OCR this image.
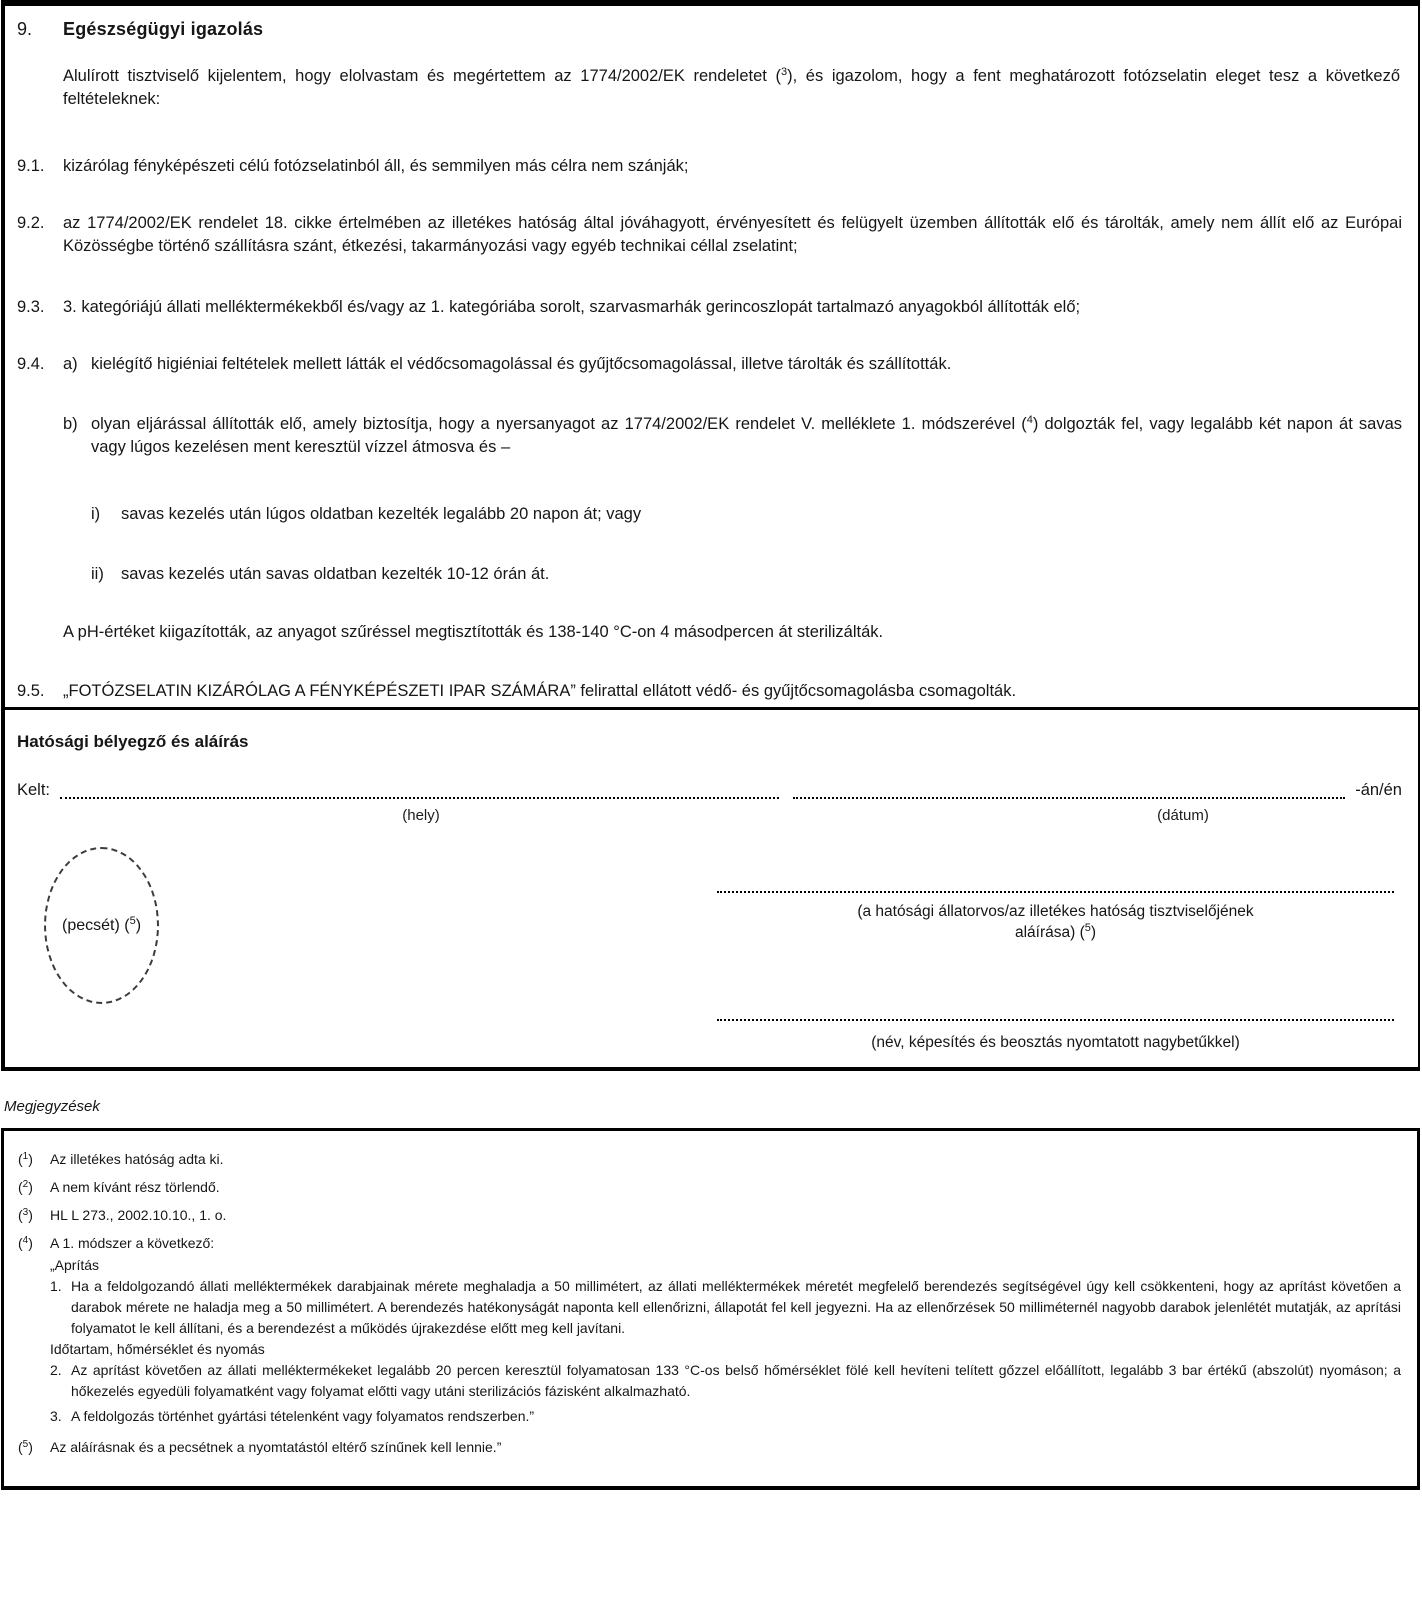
9.	Egészségügyi igazolás

Alulírott tisztviselő kijelentem, hogy elolvastam és megértettem az 1774/2002/EK rendeletet ($^3$), és igazolom, hogy a fent meghatározott fotózselatin eleget tesz a következő feltételeknek:

9.1.	kizárólag fényképészeti célú fotózselatinból áll, és semmilyen más célra nem szánják;
9.2.	az 1774/2002/EK rendelet 18. cikke értelmében az illetékes hatóság által jóváhagyott, érvényesített és felügyelt üzemben állították elő és tárolták, amely nem állít elő az Európai Közösségbe történő szállításra szánt, étkezési, takarmányozási vagy egyéb technikai céllal zselatint;
9.3.	3. kategóriájú állati melléktermékekből és/vagy az 1. kategóriába sorolt, szarvasmarhák gerincoszlopát tartalmazó anyagokból állították elő;
9.4.	a) kielégítő higiéniai feltételek mellett látták el védőcsomagolással és gyűjtőcsomagolással, illetve tárolták és szállították.
b) olyan eljárással állították elő, amely biztosítja, hogy a nyersanyagot az 1774/2002/EK rendelet V. melléklete 1. módszerével ($^4$) dolgozták fel, vagy legalább két napon át savas vagy lúgos kezelésen ment keresztül vízzel átmosva és –
i)	savas kezelés után lúgos oldatban kezelték legalább 20 napon át; vagy
ii)	savas kezelés után savas oldatban kezelték 10-12 órán át.

A pH-értéket kiigazították, az anyagot szűréssel megtisztították és 138-140 °C-on 4 másodpercen át sterilizálták.

9.5.	„FOTÓZSELATIN KIZÁRÓLAG A FÉNYKÉPÉSZETI IPAR SZÁMÁRA” felirattal ellátott védő- és gyűjtőcsomagolásba csomagolták.
Hatósági bélyegző és aláírás
Kelt:	-án/én
(hely)	(dátum)
(pecsét) ($^5$)
(a hatósági állatorvos/az illetékes hatóság tisztviselőjének aláírása) ($^5$)
(név, képesítés és beosztás nyomtatott nagybetűkkel)
Megjegyzések
($^1$)	Az illetékes hatóság adta ki.
($^2$)	A nem kívánt rész törlendő.
($^3$)	HL L 273., 2002.10.10., 1. o.
($^4$)	A 1. módszer a következő:
„Aprítás
1. Ha a feldolgozandó állati melléktermékek darabjainak mérete meghaladja a 50 millimétert, az állati melléktermékek méretét megfelelő berendezés segítségével úgy kell csökkenteni, hogy az aprítást követően a darabok mérete ne haladja meg a 50 millimétert. A berendezés hatékonyságát naponta kell ellenőrizni, állapotát fel kell jegyezni. Ha az ellenőrzések 50 milliméternél nagyobb darabok jelenlétét mutatják, az aprítási folyamatot le kell állítani, és a berendezést a működés újrakezdése előtt meg kell javítani.
Időtartam, hőmérséklet és nyomás
2. Az aprítást követően az állati melléktermékeket legalább 20 percen keresztül folyamatosan 133 °C-os belső hőmérséklet fölé kell hevíteni telített gőzzel előállított, legalább 3 bar értékű (abszolút) nyomáson; a hőkezelés egyedüli folyamatként vagy folyamat előtti vagy utáni sterilizációs fázisként alkalmazható.
3. A feldolgozás történhet gyártási tételenként vagy folyamatos rendszerben.”
($^5$)	Az aláírásnak és a pecsétnek a nyomtatástól eltérő színűnek kell lennie.”
